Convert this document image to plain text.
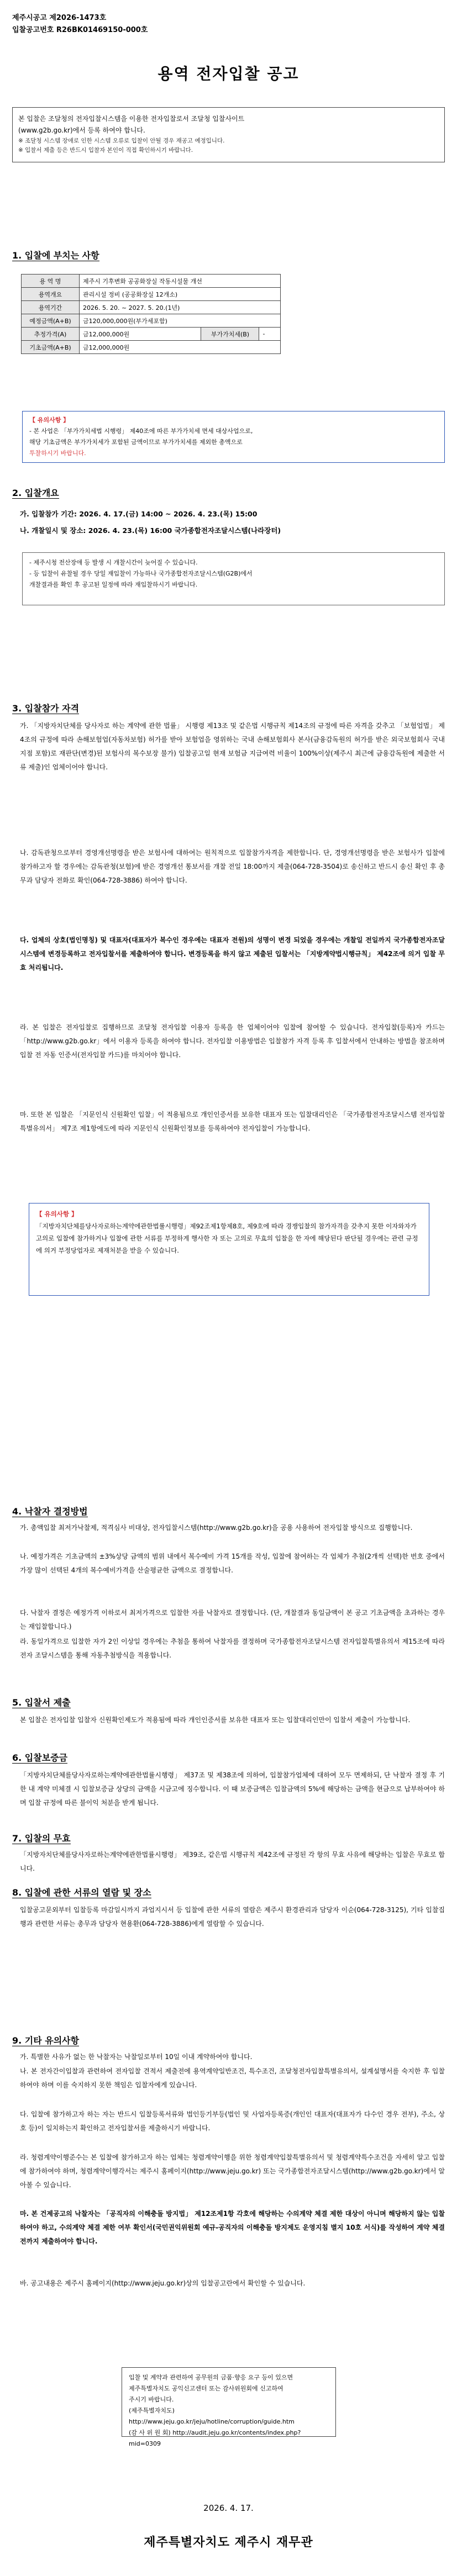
제주시공고 제2026-1473호
입찰공고번호 R26BK01469150-000호
용역 전자입찰 공고
본 입찰은 조달청의 전자입찰시스템을 이용한 전자입찰로서 조달청 입찰사이트
(www.g2b.go.kr)에서 등록 하여야 합니다.
※ 조달청 시스템 장애로 인한 시스템 오류로 입찰이 안될 경우 재공고 예정입니다.
※ 입찰서 제출 등은 반드시 입찰자 본인이 직접 확인하시기 바랍니다.
1. 입찰에 부치는 사항
용 역 명	제주시 기후변화 공공화장실 작동시설물 개선		
용역개요	관리시설 정비 (공공화장실 12개소)		
용역기간	2026. 5. 20. ~ 2027. 5. 20.(1년)		
예정금액(A+B)	금120,000,000원(부가세포함)		
추정가격(A)	금12,000,000원	부가가치세(B)	-
기초금액(A+B)	금12,000,000원		
【 유의사항 】
- 본 사업은 「부가가치세법 시행령」 제40조에 따른 부가가치세 면세 대상사업으로,
해당 기초금액은 부가가치세가 포함된 금액이므로 부가가치세를 제외한 총액으로
투찰하시기 바랍니다.
2. 입찰개요
가. 입찰참가 기간: 2026. 4. 17.(금) 14:00 ~ 2026. 4. 23.(목) 15:00
나. 개찰일시 및 장소: 2026. 4. 23.(목) 16:00 국가종합전자조달시스템(나라장터)
- 제주시청 전산장애 등 발생 시 개찰시간이 늦어질 수 있습니다.
- 등 입찰이 유찰될 경우 당일 재입찰이 가능하나 국가종합전자조달시스템(G2B)에서
개찰결과를 확인 후 공고된 일정에 따라 재입찰하시기 바랍니다.
3. 입찰참가 자격
가. 「지방자치단체를 당사자로 하는 계약에 관한 법률」 시행령 제13조 및 같은법 시행규칙 제14조의 규정에 따른 자격을 갖추고 「보험업법」 제4조의 규정에 따라 손해보험업(자동차보험) 허가를 받아 보험업을 영위하는 국내 손해보험회사 본사(금융감독원의 허가를 받은 외국보험회사 국내지점 포함)로 재판단(변경)된 보험사의 복수보장 불가) 입찰공고일 현재 보험금 지급여력 비율이 100%이상(제주시 최근에 금융감독원에 제출한 서류 제출)인 업체이어야 합니다.
나. 감독관청으로부터 경영개선명령을 받은 보험사에 대하여는 원칙적으로 입찰참가자격을 제한합니다. 단, 경영개선명령을 받은 보험사가 입찰에 참가하고자 할 경우에는 감독관청(보험)에 받은 경영개선 통보서를 개찰 전일 18:00까지 제출(064-728-3504)로 송신하고 반드시 송신 확인 후 총무과 담당자 전화로 확인(064-728-3886) 하여야 합니다.
다. 업체의 상호(법인명칭) 및 대표자(대표자가 복수인 경우에는 대표자 전원)의 성명이 변경 되었을 경우에는 개찰일 전일까지 국가종합전자조달시스템에 변경등록하고 전자입찰서를 제출하여야 합니다. 변경등록을 하지 않고 제출된 입찰서는 「지방계약법시행규칙」 제42조에 의거 입찰 무효 처리됩니다.
라. 본 입찰은 전자입찰로 집행하므로 조달청 전자입찰 이용자 등록을 한 업체이어야 입찰에 참여할 수 있습니다. 전자입찰(등록)자 카드는 「http://www.g2b.go.kr」에서 이용자 등록을 하여야 합니다. 전자입찰 이용방법은 입찰참가 자격 등록 후 입찰서에서 안내하는 방법을 참조하며 입찰 전 자동 인증서(전자입찰 카드)를 마치어야 합니다.
마. 또한 본 입찰은 「지문인식 신원확인 입찰」이 적용됨으로 개인인증서를 보유한 대표자 또는 입찰대리인은 「국가종합전자조달시스템 전자입찰특별유의서」 제7조 제1항에도에 따라 지문인식 신원확인정보를 등록하여야 전자입찰이 가능합니다.
【 유의사항 】
「지방자치단체를당사자로하는계약에관한법률시행령」제92조제1항제8호, 제9호에 따라 경쟁입찰의 참가자격을 갖추지 못한 이자와자가 고의로 입찰에 참가하거나 입찰에 관한 서류를 부정하게 행사한 자 또는 고의로 무효의 입찰을 한 자에 해당된다 판단될 경우에는 관련 규정에 의거 부정당업자로 제재처분을 받을 수 있습니다.
4. 낙찰자 결정방법
가. 총액입찰 최저가낙찰제, 적격심사 비대상, 전자입찰시스템(http://www.g2b.go.kr)을 공용 사용하여 전자입찰 방식으로 집행합니다.
나. 예정가격은 기초금액의 ±3%상당 금액의 범위 내에서 복수예비 가격 15개를 작성, 입찰에 참여하는 각 업체가 추첨(2개씩 선택)한 번호 중에서 가장 많이 선택된 4개의 복수예비가격을 산술평균한 금액으로 결정합니다.
다. 낙찰자 결정은 예정가격 이하로서 최저가격으로 입찰한 자를 낙찰자로 결정합니다. (단, 개찰결과 동일금액이 본 공고 기초금액을 초과하는 경우는 재입찰합니다.)
라. 동일가격으로 입찰한 자가 2인 이상일 경우에는 추첨을 통하여 낙찰자를 결정하며 국가종합전자조달시스템 전자입찰특별유의서 제15조에 따라 전자 조달시스템을 통해 자동추첨방식을 적용합니다.
5. 입찰서 제출
본 입찰은 전자입찰 입찰자 신원확인제도가 적용됨에 따라 개인인증서를 보유한 대표자 또는 입찰대리인만이 입찰서 제출이 가능합니다.
6. 입찰보증금
「지방자치단체를당사자로하는계약에관한법률시행령」 제37조 및 제38조에 의하여, 입찰참가업체에 대하여 모두 면제하되, 단 낙찰자 결정 후 기한 내 계약 미체결 시 입찰보증금 상당의 금액을 시금고에 징수합니다. 이 때 보증금액은 입찰금액의 5%에 해당하는 금액을 현금으로 납부하여야 하며 입찰 규정에 따른 불이익 처분을 받게 됩니다.
7. 입찰의 무효
「지방자치단체를당사자로하는계약에관한법률시행령」 제39조, 같은법 시행규칙 제42조에 규정된 각 항의 무효 사유에 해당하는 입찰은 무효로 합니다.
8. 입찰에 관한 서류의 열람 및 장소
입찰공고문외부터 입찰등록 마감일시까지 과업지시서 등 입찰에 관한 서류의 열람은 제주시 환경관리과 담당자 이순(064-728-3125), 기타 입찰집행과 관련한 서류는 총무과 담당자 현용환(064-728-3886)에게 열람할 수 있습니다.
9. 기타 유의사항
가. 특별한 사유가 없는 한 낙찰자는 낙찰일로부터 10일 이내 계약하여야 합니다.
나. 본 전자간이입찰과 관련하여 전자입찰 견적서 제출전에 용역계약일반조건, 특수조건, 조달청전자입찰특별유의서, 설계설명서를 숙지한 후 입찰하여야 하며 이를 숙지하지 못한 책임은 입찰자에게 있습니다.
다. 입찰에 참가하고자 하는 자는 반드시 입찰등록서류와 법인등기부등(법인 및 사업자등록증(개인인 대표자(대표자가 다수인 경우 전부), 주소, 상호 등)이 일치하는지 확인하고 전자입찰서를 제출하시기 바랍니다.
라. 청렴계약이행준수는 본 입찰에 참가하고자 하는 업체는 청렴계약이행을 위한 청렴계약입찰특별유의서 및 청렴계약특수조건을 자세히 알고 입찰에 참가하여야 하며, 청렴계약이행각서는 제주시 홈페이지(http://www.jeju.go.kr) 또는 국가종합전자조달시스템(http://www.g2b.go.kr)에서 알아볼 수 있습니다.
마. 본 건제공고의 낙찰자는 「공직자의 이해충돌 방지법」 제12조제1항 각호에 해당하는 수의계약 체결 제한 대상이 아니며 해당하지 않는 입찰하여야 하고, 수의계약 체결 제한 여부 확인서(국민권익위원회 예규-공직자의 이해충돌 방지제도 운영지침 별지 10호 서식)를 작성하여 계약 체결 전까지 제출하여야 합니다.
바. 공고내용은 제주시 홈페이지(http://www.jeju.go.kr)상의 입찰공고란에서 확인할 수 있습니다.
입찰 및 계약과 관련하여 공무원의 금품·향응 요구 등이 있으면
제주특별자치도 공익신고센터 또는 감사위원회에 신고하여
주시기 바랍니다.
(제주특별자치도) http://www.jeju.go.kr/jeju/hotline/corruption/guide.htm
(감 사 위 원 회) http://audit.jeju.go.kr/contents/index.php?mid=0309
2026. 4. 17.
제주특별자치도 제주시 재무관
